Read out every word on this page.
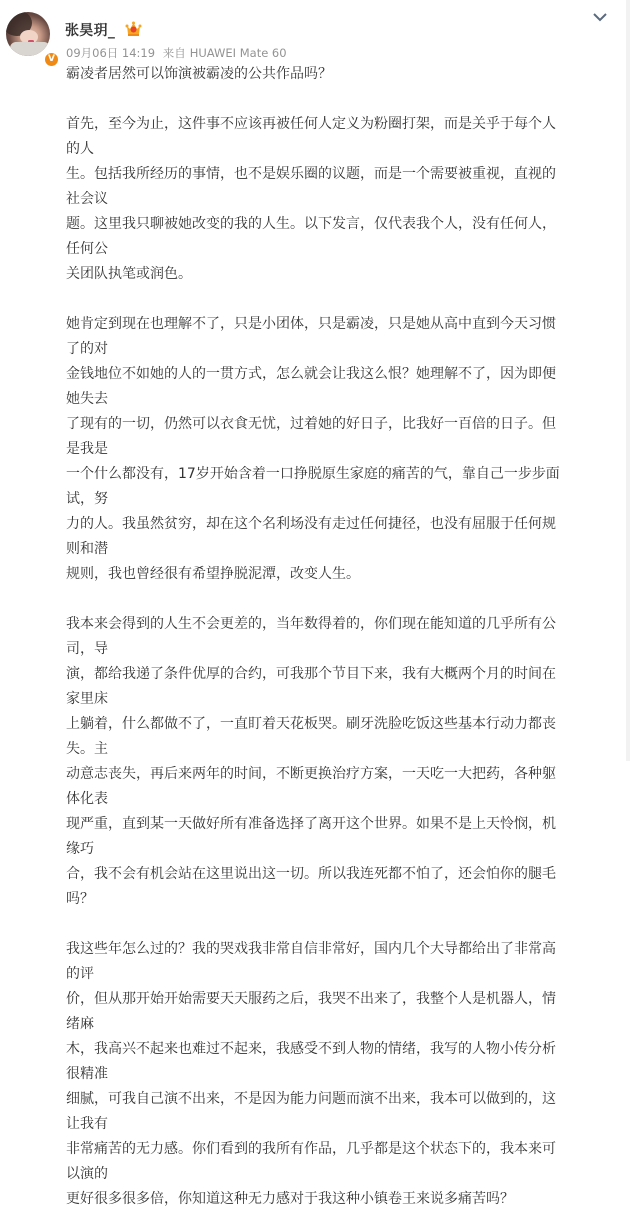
V
张昊玥_
09月06日 14:19 来自 HUAWEI Mate 60

霸凌者居然可以饰演被霸凌的公共作品吗？

首先，至今为止，这件事不应该再被任何人定义为粉圈打架，而是关乎于每个人的人

生。包括我所经历的事情，也不是娱乐圈的议题，而是一个需要被重视，直视的社会议

题。这里我只聊被她改变的我的人生。以下发言，仅代表我个人，没有任何人，任何公

关团队执笔或润色。

她肯定到现在也理解不了，只是小团体，只是霸凌，只是她从高中直到今天习惯了的对

金钱地位不如她的人的一贯方式，怎么就会让我这么恨？她理解不了，因为即便她失去

了现有的一切，仍然可以衣食无忧，过着她的好日子，比我好一百倍的日子。但是我是

一个什么都没有，17岁开始含着一口挣脱原生家庭的痛苦的气，靠自己一步步面试，努

力的人。我虽然贫穷，却在这个名利场没有走过任何捷径，也没有屈服于任何规则和潜

规则，我也曾经很有希望挣脱泥潭，改变人生。

我本来会得到的人生不会更差的，当年数得着的，你们现在能知道的几乎所有公司，导

演，都给我递了条件优厚的合约，可我那个节目下来，我有大概两个月的时间在家里床

上躺着，什么都做不了，一直盯着天花板哭。刷牙洗脸吃饭这些基本行动力都丧失。主

动意志丧失，再后来两年的时间，不断更换治疗方案，一天吃一大把药，各种躯体化表

现严重，直到某一天做好所有准备选择了离开这个世界。如果不是上天怜悯，机缘巧

合，我不会有机会站在这里说出这一切。所以我连死都不怕了，还会怕你的腿毛吗？

我这些年怎么过的？我的哭戏我非常自信非常好，国内几个大导都给出了非常高的评

价，但从那开始开始需要天天服药之后，我哭不出来了，我整个人是机器人，情绪麻

木，我高兴不起来也难过不起来，我感受不到人物的情绪，我写的人物小传分析很精准

细腻，可我自己演不出来，不是因为能力问题而演不出来，我本可以做到的，这让我有

非常痛苦的无力感。你们看到的我所有作品，几乎都是这个状态下的，我本来可以演的

更好很多很多倍，你知道这种无力感对于我这种小镇卷王来说多痛苦吗？
